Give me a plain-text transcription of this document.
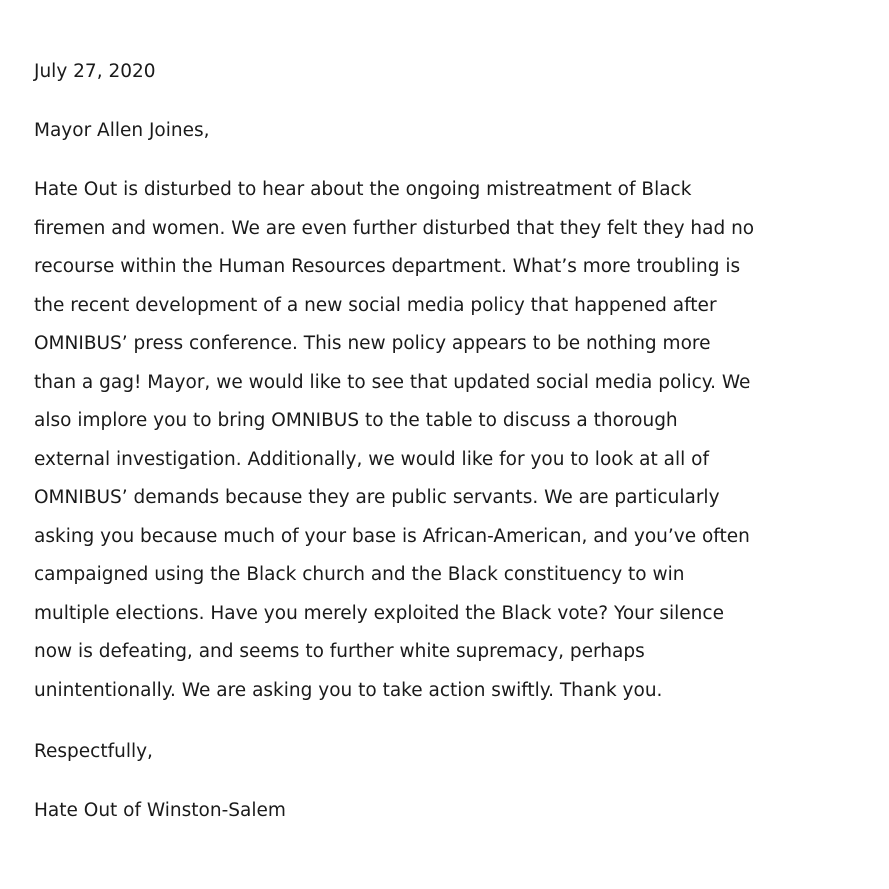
July 27, 2020

Mayor Allen Joines,

Hate Out is disturbed to hear about the ongoing mistreatment of Black
firemen and women. We are even further disturbed that they felt they had no
recourse within the Human Resources department. What’s more troubling is
the recent development of a new social media policy that happened after
OMNIBUS’ press conference. This new policy appears to be nothing more
than a gag! Mayor, we would like to see that updated social media policy. We
also implore you to bring OMNIBUS to the table to discuss a thorough
external investigation. Additionally, we would like for you to look at all of
OMNIBUS’ demands because they are public servants. We are particularly
asking you because much of your base is African-American, and you’ve often
campaigned using the Black church and the Black constituency to win
multiple elections. Have you merely exploited the Black vote? Your silence
now is defeating, and seems to further white supremacy, perhaps
unintentionally. We are asking you to take action swiftly. Thank you.

Respectfully,

Hate Out of Winston-Salem
